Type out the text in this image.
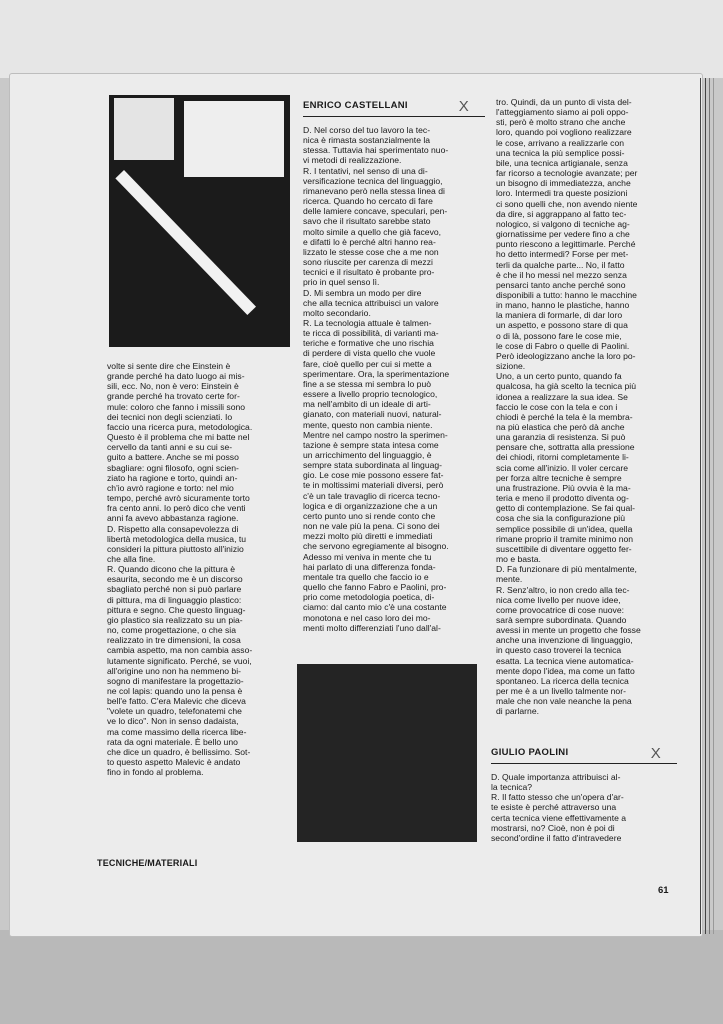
ENRICO CASTELLANI	X
GIULIO PAOLINI	X
volte si sente dire che Einstein è
grande perché ha dato luogo ai mis-
sili, ecc. No, non è vero: Einstein è
grande perché ha trovato certe for-
mule: coloro che fanno i missili sono
dei tecnici non degli scienziati. Io
faccio una ricerca pura, metodologica.
Questo è il problema che mi batte nel
cervello da tanti anni e su cui se-
guito a battere. Anche se mi posso
sbagliare: ogni filosofo, ogni scien-
ziato ha ragione e torto, quindi an-
ch'io avrò ragione e torto: nel mio
tempo, perché avrò sicuramente torto
fra cento anni. Io però dico che venti
anni fa avevo abbastanza ragione.
D. Rispetto alla consapevolezza di
libertà metodologica della musica, tu
consideri la pittura piuttosto all'inizio
che alla fine.
R. Quando dicono che la pittura è
esaurita, secondo me è un discorso
sbagliato perché non si può parlare
di pittura, ma di linguaggio plastico:
pittura e segno. Che questo linguag-
gio plastico sia realizzato su un pia-
no, come progettazione, o che sia
realizzato in tre dimensioni, la cosa
cambia aspetto, ma non cambia asso-
lutamente significato. Perché, se vuoi,
all'origine uno non ha nemmeno bi-
sogno di manifestare la progettazio-
ne col lapis: quando uno la pensa è
bell'e fatto. C'era Malevic che diceva
"volete un quadro, telefonatemi che
ve lo dico". Non in senso dadaista,
ma come massimo della ricerca libe-
rata da ogni materiale. È bello uno
che dice un quadro, è bellissimo. Sot-
to questo aspetto Malevic è andato
fino in fondo al problema.
D. Nel corso del tuo lavoro la tec-
nica è rimasta sostanzialmente la
stessa. Tuttavia hai sperimentato nuo-
vi metodi di realizzazione.
R. I tentativi, nel senso di una di-
versificazione tecnica del linguaggio,
rimanevano però nella stessa linea di
ricerca. Quando ho cercato di fare
delle lamiere concave, speculari, pen-
savo che il risultato sarebbe stato
molto simile a quello che già facevo,
e difatti lo è perché altri hanno rea-
lizzato le stesse cose che a me non
sono riuscite per carenza di mezzi
tecnici e il risultato è probante pro-
prio in quel senso lì.
D. Mi sembra un modo per dire
che alla tecnica attribuisci un valore
molto secondario.
R. La tecnologia attuale è talmen-
te ricca di possibilità, di varianti ma-
teriche e formative che uno rischia
di perdere di vista quello che vuole
fare, cioè quello per cui si mette a
sperimentare. Ora, la sperimentazione
fine a se stessa mi sembra lo può
essere a livello proprio tecnologico,
ma nell'ambito di un ideale di arti-
gianato, con materiali nuovi, natural-
mente, questo non cambia niente.
Mentre nel campo nostro la sperimen-
tazione è sempre stata intesa come
un arricchimento del linguaggio, è
sempre stata subordinata al linguag-
gio. Le cose mie possono essere fat-
te in moltissimi materiali diversi, però
c'è un tale travaglio di ricerca tecno-
logica e di organizzazione che a un
certo punto uno si rende conto che
non ne vale più la pena. Ci sono dei
mezzi molto più diretti e immediati
che servono egregiamente al bisogno.
Adesso mi veniva in mente che tu
hai parlato di una differenza fonda-
mentale tra quello che faccio io e
quello che fanno Fabro e Paolini, pro-
prio come metodologia poetica, di-
ciamo: dal canto mio c'è una costante
monotona e nel caso loro dei mo-
menti molto differenziati l'uno dall'al-
tro. Quindi, da un punto di vista del-
l'atteggiamento siamo ai poli oppo-
sti, però è molto strano che anche
loro, quando poi vogliono realizzare
le cose, arrivano a realizzarle con
una tecnica la più semplice possi-
bile, una tecnica artigianale, senza
far ricorso a tecnologie avanzate; per
un bisogno di immediatezza, anche
loro. Intermedi tra queste posizioni
ci sono quelli che, non avendo niente
da dire, si aggrappano al fatto tec-
nologico, si valgono di tecniche ag-
giornatissime per vedere fino a che
punto riescono a legittimarle. Perché
ho detto intermedi? Forse per met-
terli da qualche parte... No, il fatto
è che il ho messi nel mezzo senza
pensarci tanto anche perché sono
disponibili a tutto: hanno le macchine
in mano, hanno le plastiche, hanno
la maniera di formarle, di dar loro
un aspetto, e possono stare di qua
o di là, possono fare le cose mie,
le cose di Fabro o quelle di Paolini.
Però ideologizzano anche la loro po-
sizione.
Uno, a un certo punto, quando fa
qualcosa, ha già scelto la tecnica più
idonea a realizzare la sua idea. Se
faccio le cose con la tela e con i
chiodi è perché la tela è la membra-
na più elastica che però dà anche
una garanzia di resistenza. Si può
pensare che, sottratta alla pressione
dei chiodi, ritorni completamente li-
scia come all'inizio. Il voler cercare
per forza altre tecniche è sempre
una frustrazione. Più ovvia è la ma-
teria e meno il prodotto diventa og-
getto di contemplazione. Se fai qual-
cosa che sia la configurazione più
semplice possibile di un'idea, quella
rimane proprio il tramite minimo non
suscettibile di diventare oggetto fer-
mo e basta.
D. Fa funzionare di più mentalmente,
mente.
R. Senz'altro, io non credo alla tec-
nica come livello per nuove idee,
come provocatrice di cose nuove:
sarà sempre subordinata. Quando
avessi in mente un progetto che fosse
anche una invenzione di linguaggio,
in questo caso troverei la tecnica
esatta. La tecnica viene automatica-
mente dopo l'idea, ma come un fatto
spontaneo. La ricerca della tecnica
per me è a un livello talmente nor-
male che non vale neanche la pena
di parlarne.
D. Quale importanza attribuisci al-
la tecnica?
R. Il fatto stesso che un'opera d'ar-
te esiste è perché attraverso una
certa tecnica viene effettivamente a
mostrarsi, no? Cioè, non è poi di
second'ordine il fatto d'intravedere
TECNICHE/MATERIALI
61
